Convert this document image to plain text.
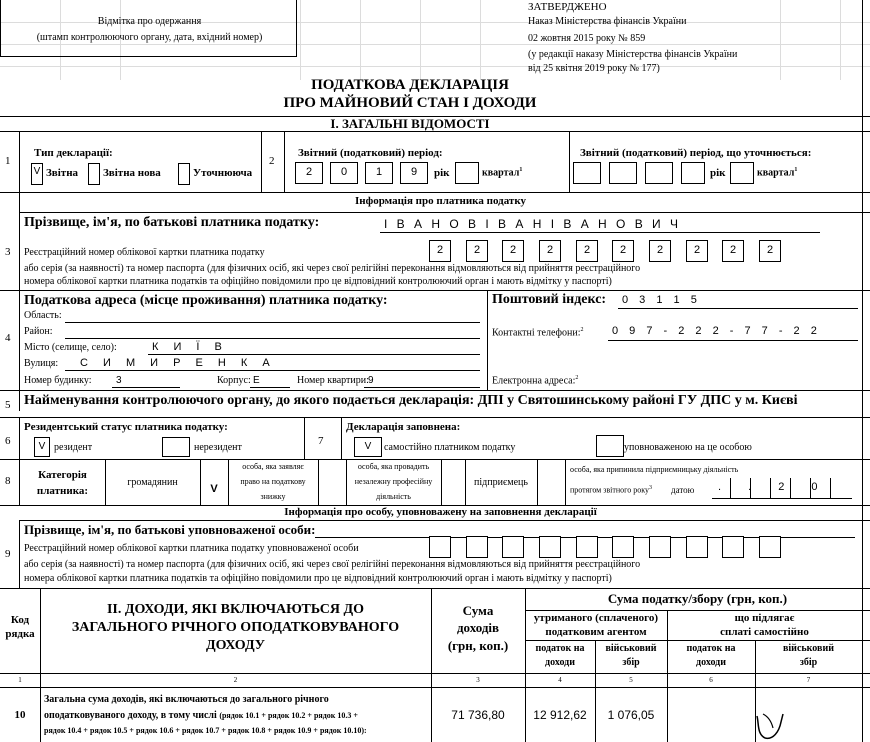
Відмітка про одержання
(штамп контролюючого органу, дата, вхідний номер)
ЗАТВЕРДЖЕНО
Наказ Міністерства фінансів України
02 жовтня 2015 року № 859
(у редакції наказу Міністерства фінансів України
від 25 квітня 2019 року № 177)
ПОДАТКОВА ДЕКЛАРАЦІЯ
ПРО МАЙНОВИЙ СТАН І ДОХОДИ
І. ЗАГАЛЬНІ ВІДОМОСТІ
1
Тип декларації:
V Звітна Звітна нова	Уточнююча
2
Звітний (податковий) період:
2	0	1	9	рік	квартал$^1$
Звітний (податковий) період, що уточнюється:
рік	квартал$^1$
Інформація про платника податку
3
Прізвище, ім'я, по батькові платника податку:	І В А Н О В І В А Н І В А Н О В И Ч
Реєстраційний номер облікової картки платника податку	2	2	2	2	2	2	2	2	2	2
або серія (за наявності) та номер паспорта (для фізичних осіб, які через свої релігійні переконання відмовляються від прийняття реєстраційного
номера облікової картки платника податків та офіційно повідомили про це відповідний контролюючий орган і мають відмітку у паспорті)
4
Податкова адреса (місце проживання) платника податку:
Область:
Район:
Місто (селище, село):	К И Ї В
Вулиця: С И М И Р Е Н К А
Номер будинку: 3	Корпус: Е	Номер квартири: 9
Поштовий індекс: 0 3 1 1 5
Контактні телефони:$^2$	0 9 7 - 2 2 2 - 7 7 - 2 2
Електронна адреса:$^2$
5 Найменування контролюючого органу, до якого подається декларація: ДПІ у Святошинському районі ГУ ДПС у м. Києві
6
Резидентський статус платника податку:
V резидент	нерезидент
7
Декларація заповнена:
V	самостійно платником податку	уповноваженою на це особою
8	Категорія
платника:
громадянин
V
особа, яка заявляє
право на податкову
знижку
особа, яка провадить
незалежну професійну
діяльність
підприємець
особа, яка припинила підприємницьку діяльність
протягом звітного року$^3$ датою . . 2 0
Інформація про особу, уповноважену на заповнення декларації
9
Прізвище, ім'я, по батькові уповноваженої особи:
Реєстраційний номер облікової картки платника податку уповноваженої особи
або серія (за наявності) та номер паспорта (для фізичних осіб, які через свої релігійні переконання відмовляються від прийняття реєстраційного
номера облікової картки платника податків та офіційно повідомили про це відповідний контролюючий орган і мають відмітку у паспорті)
Код
рядка
ІІ. ДОХОДИ, ЯКІ ВКЛЮЧАЮТЬСЯ ДО
ЗАГАЛЬНОГО РІЧНОГО ОПОДАТКОВУВАНОГО
ДОХОДУ
Сума
доходів
(грн, коп.)
Сума податку/збору (грн, коп.)
утриманого (сплаченого)
податковим агентом
що підлягає
сплаті самостійно
податок на
доходи
військовий
збір
податок на
доходи
військовий
збір
1	2	3	4	5	6	7
10
Загальна сума доходів, які включаються до загального річного
оподатковуваного доходу, в тому числі (рядок 10.1 + рядок 10.2 + рядок 10.3 +
рядок 10.4 + рядок 10.5 + рядок 10.6 + рядок 10.7 + рядок 10.8 + рядок 10.9 + рядок 10.10):
71 736,80	12 912,62	1 076,05
